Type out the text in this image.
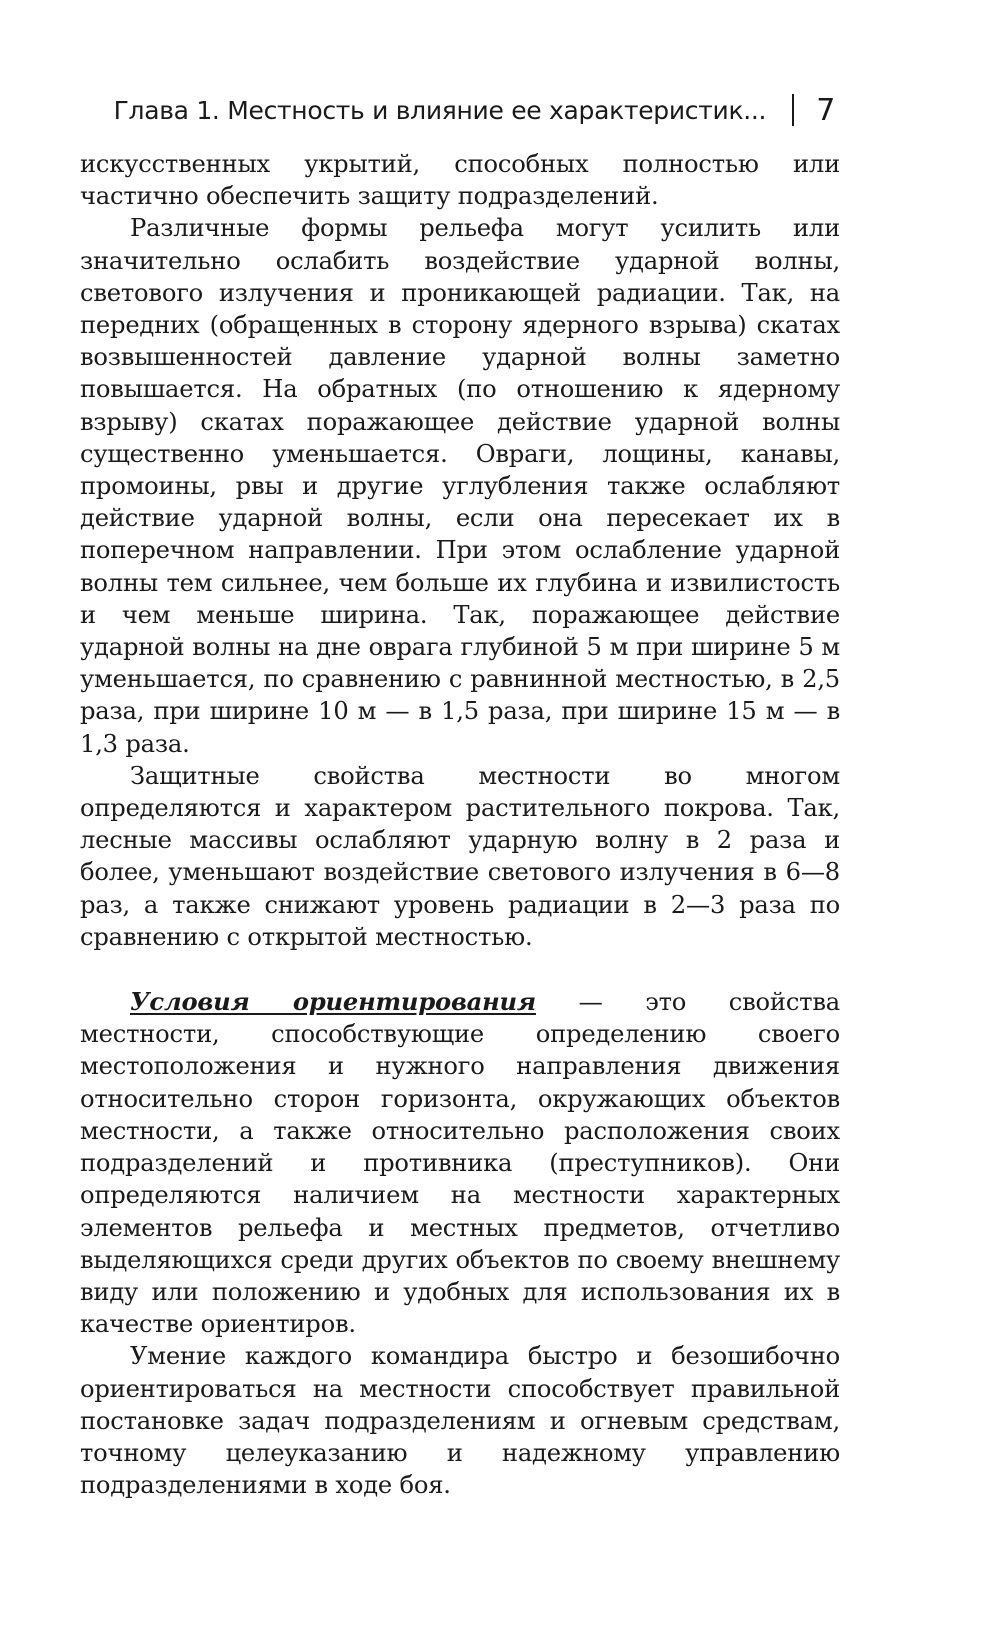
Глава 1. Местность и влияние ее характеристик... 7

искусственных укрытий, способных полностью или частично обеспечить защиту подразделений.

Различные формы рельефа могут усилить или значительно ослабить воздействие ударной волны, светового излучения и проникающей радиации. Так, на передних (обращенных в сторону ядерного взрыва) скатах возвышенностей давление ударной волны заметно повышается. На обратных (по отношению к ядерному взрыву) скатах поражающее действие ударной волны существенно уменьшается. Овраги, лощины, канавы, промоины, рвы и другие углубления также ослабляют действие ударной волны, если она пересекает их в поперечном направлении. При этом ослабление ударной волны тем сильнее, чем больше их глубина и извилистость и чем меньше ширина. Так, поражающее действие ударной волны на дне оврага глубиной 5 м при ширине 5 м уменьшается, по сравнению с равнинной местностью, в 2,5 раза, при ширине 10 м — в 1,5 раза, при ширине 15 м — в 1,3 раза.

Защитные свойства местности во многом определяются и характером растительного покрова. Так, лесные массивы ослабляют ударную волну в 2 раза и более, уменьшают воздействие светового излучения в 6—8 раз, а также снижают уровень радиации в 2—3 раза по сравнению с открытой местностью.

Условия ориентирования — это свойства местности, способствующие определению своего местоположения и нужного направления движения относительно сторон горизонта, окружающих объектов местности, а также относительно расположения своих подразделений и противника (преступников). Они определяются наличием на местности характерных элементов рельефа и местных предметов, отчетливо выделяющихся среди других объектов по своему внешнему виду или положению и удобных для использования их в качестве ориентиров.

Умение каждого командира быстро и безошибочно ориентироваться на местности способствует правильной постановке задач подразделениям и огневым средствам, точному целеуказанию и надежному управлению подразделениями в ходе боя.
